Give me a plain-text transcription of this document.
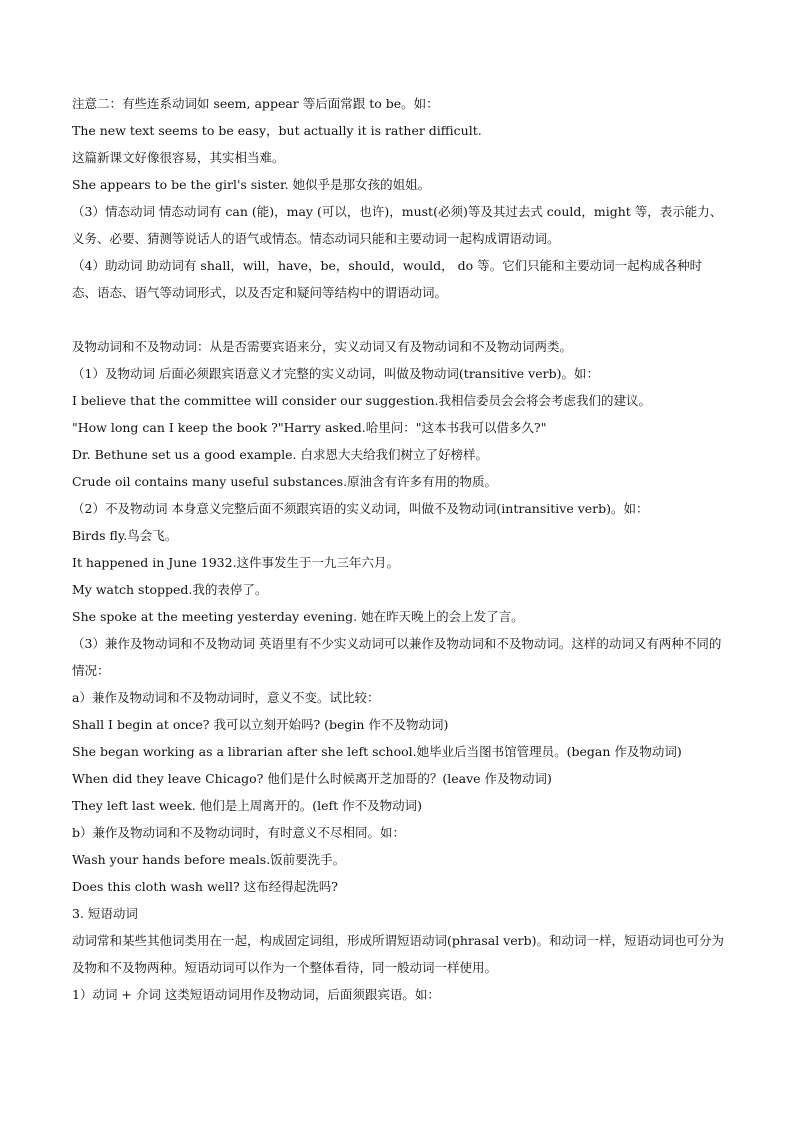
注意二：有些连系动词如 seem, appear 等后面常跟 to be。如：
The new text seems to be easy，but actually it is rather difficult.
这篇新课文好像很容易，其实相当难。
She appears to be the girl's sister. 她似乎是那女孩的姐姐。
（3）情态动词 情态动词有 can (能)，may (可以，也许)，must(必须)等及其过去式 could，might 等，表示能力、义务、必要、猜测等说话人的语气或情态。情态动词只能和主要动词一起构成谓语动词。
（4）助动词 助动词有 shall，will，have，be，should，would， do 等。它们只能和主要动词一起构成各种时态、语态、语气等动词形式，以及否定和疑问等结构中的谓语动词。
及物动词和不及物动词：从是否需要宾语来分，实义动词又有及物动词和不及物动词两类。
（1）及物动词 后面必须跟宾语意义才完整的实义动词，叫做及物动词(transitive verb)。如：
I believe that the committee will consider our suggestion.我相信委员会会将会考虑我们的建议。
"How long can I keep the book ?"Harry asked.哈里问："这本书我可以借多久?"
Dr. Bethune set us a good example. 白求恩大夫给我们树立了好榜样。
Crude oil contains many useful substances.原油含有许多有用的物质。
（2）不及物动词 本身意义完整后面不须跟宾语的实义动词，叫做不及物动词(intransitive verb)。如：
Birds fly.鸟会飞。
It happened in June 1932.这件事发生于一九三年六月。
My watch stopped.我的表停了。
She spoke at the meeting yesterday evening. 她在昨天晚上的会上发了言。
（3）兼作及物动词和不及物动词 英语里有不少实义动词可以兼作及物动词和不及物动词。这样的动词又有两种不同的情况：
a）兼作及物动词和不及物动词时，意义不变。试比较：
Shall I begin at once? 我可以立刻开始吗? (begin 作不及物动词)
She began working as a librarian after she left school.她毕业后当图书馆管理员。(began 作及物动词)
When did they leave Chicago? 他们是什么时候离开芝加哥的？(leave 作及物动词)
They left last week. 他们是上周离开的。(left 作不及物动词)
b）兼作及物动词和不及物动词时，有时意义不尽相同。如：
Wash your hands before meals.饭前要洗手。
Does this cloth wash well? 这布经得起洗吗?
3. 短语动词
动词常和某些其他词类用在一起，构成固定词组，形成所谓短语动词(phrasal verb)。和动词一样，短语动词也可分为及物和不及物两种。短语动词可以作为一个整体看待，同一般动词一样使用。
1）动词 + 介词 这类短语动词用作及物动词，后面须跟宾语。如：
